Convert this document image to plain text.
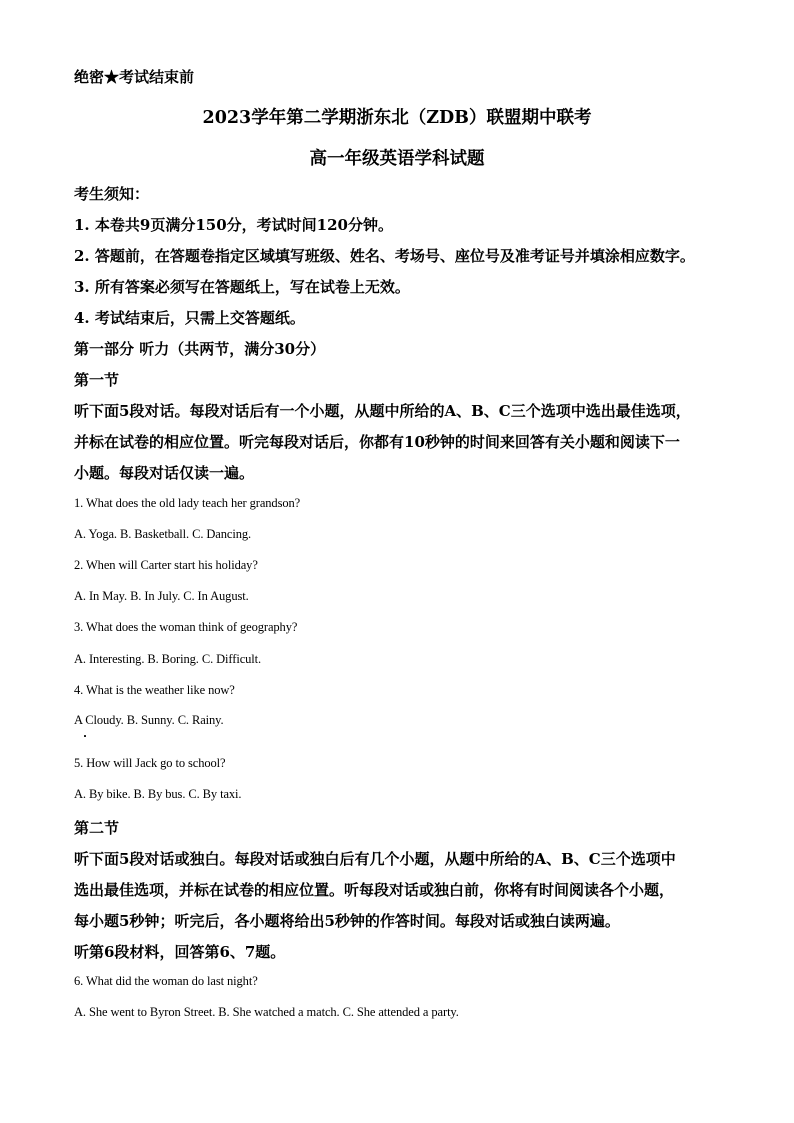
绝密★考试结束前
2023学年第二学期浙东北（ZDB）联盟期中联考
高一年级英语学科试题
考生须知：
1. 本卷共9页满分150分，考试时间120分钟。
2. 答题前，在答题卷指定区域填写班级、姓名、考场号、座位号及准考证号并填涂相应数字。
3. 所有答案必须写在答题纸上，写在试卷上无效。
4. 考试结束后，只需上交答题纸。
第一部分 听力（共两节，满分30分）
第一节
听下面5段对话。每段对话后有一个小题，从题中所给的A、B、C三个选项中选出最佳选项，
并标在试卷的相应位置。听完每段对话后，你都有10秒钟的时间来回答有关小题和阅读下一
小题。每段对话仅读一遍。
1. What does the old lady teach her grandson?
A. Yoga. B. Basketball. C. Dancing.
2. When will Carter start his holiday?
A. In May. B. In July. C. In August.
3. What does the woman think of geography?
A. Interesting. B. Boring. C. Difficult.
4. What is the weather like now?
A Cloudy. B. Sunny. C. Rainy.
5. How will Jack go to school?
A. By bike. B. By bus. C. By taxi.
第二节
听下面5段对话或独白。每段对话或独白后有几个小题，从题中所给的A、B、C三个选项中
选出最佳选项，并标在试卷的相应位置。听每段对话或独白前，你将有时间阅读各个小题，
每小题5秒钟；听完后，各小题将给出5秒钟的作答时间。每段对话或独白读两遍。
听第6段材料，回答第6、7题。
6. What did the woman do last night?
A. She went to Byron Street. B. She watched a match. C. She attended a party.
